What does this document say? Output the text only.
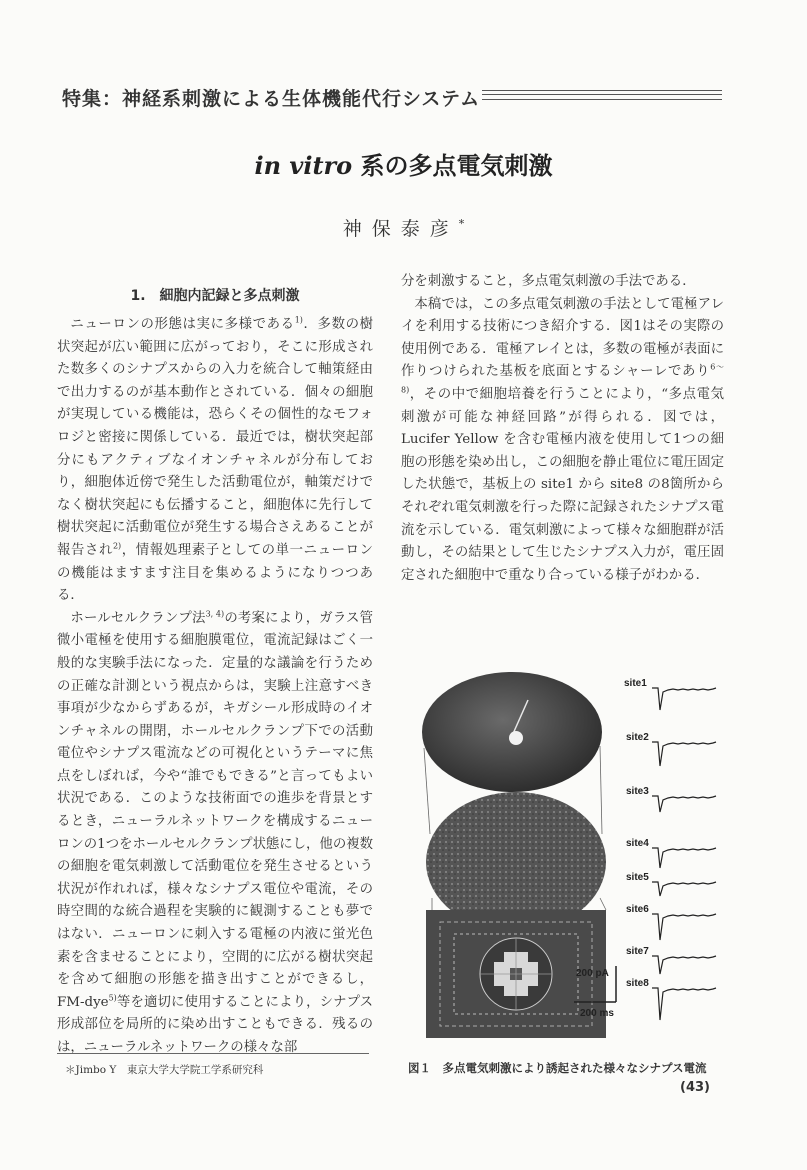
特集：神経系刺激による生体機能代行システム
in vitro 系の多点電気刺激
神保泰彦*
1.　細胞内記録と多点刺激

ニューロンの形態は実に多様である$^{1)}$．多数の樹状突起が広い範囲に広がっており，そこに形成された数多くのシナプスからの入力を統合して軸策経由で出力するのが基本動作とされている．個々の細胞が実現している機能は，恐らくその個性的なモフォロジと密接に関係している．最近では，樹状突起部分にもアクティブなイオンチャネルが分布しており，細胞体近傍で発生した活動電位が，軸策だけでなく樹状突起にも伝播すること，細胞体に先行して樹状突起に活動電位が発生する場合さえあることが報告され$^{2)}$，情報処理素子としての単一ニューロンの機能はますます注目を集めるようになりつつある．

ホールセルクランプ法$^{3, 4)}$の考案により，ガラス管微小電極を使用する細胞膜電位，電流記録はごく一般的な実験手法になった．定量的な議論を行うための正確な計測という視点からは，実験上注意すべき事項が少なからずあるが，キガシール形成時のイオンチャネルの開閉，ホールセルクランプ下での活動電位やシナプス電流などの可視化というテーマに焦点をしぼれば，今や“誰でもできる”と言ってもよい状況である．このような技術面での進歩を背景とするとき，ニューラルネットワークを構成するニューロンの1つをホールセルクランプ状態にし，他の複数の細胞を電気刺激して活動電位を発生させるという状況が作れれば，様々なシナプス電位や電流，その時空間的な統合過程を実験的に観測することも夢ではない．ニューロンに刺入する電極の内液に蛍光色素を含ませることにより，空間的に広がる樹状突起を含めて細胞の形態を描き出すことができるし，FM-dye$^{5)}$等を適切に使用することにより，シナプス形成部位を局所的に染め出すこともできる．残るのは，ニューラルネットワークの様々な部

分を刺激すること，多点電気刺激の手法である．

本稿では，この多点電気刺激の手法として電極アレイを利用する技術につき紹介する．図1はその実際の使用例である．電極アレイとは，多数の電極が表面に作りつけられた基板を底面とするシャーレであり$^{6\sim 8)}$，その中で細胞培養を行うことにより，“多点電気刺激が可能な神経回路”が得られる．図では，Lucifer Yellow を含む電極内液を使用して1つの細胞の形態を染め出し，この細胞を静止電位に電圧固定した状態で，基板上の site1 から site8 の8箇所からそれぞれ電気刺激を行った際に記録されたシナプス電流を示している．電気刺激によって様々な細胞群が活動し，その結果として生じたシナプス入力が，電圧固定された細胞中で重なり合っている様子がわかる．

site1
site2
site3
site4
site5
site6
site7
site8
200 pA
200 ms
＊Jimbo Y　東京大学大学院工学系研究科	図１　多点電気刺激により誘起された様々なシナプス電流
(43)
